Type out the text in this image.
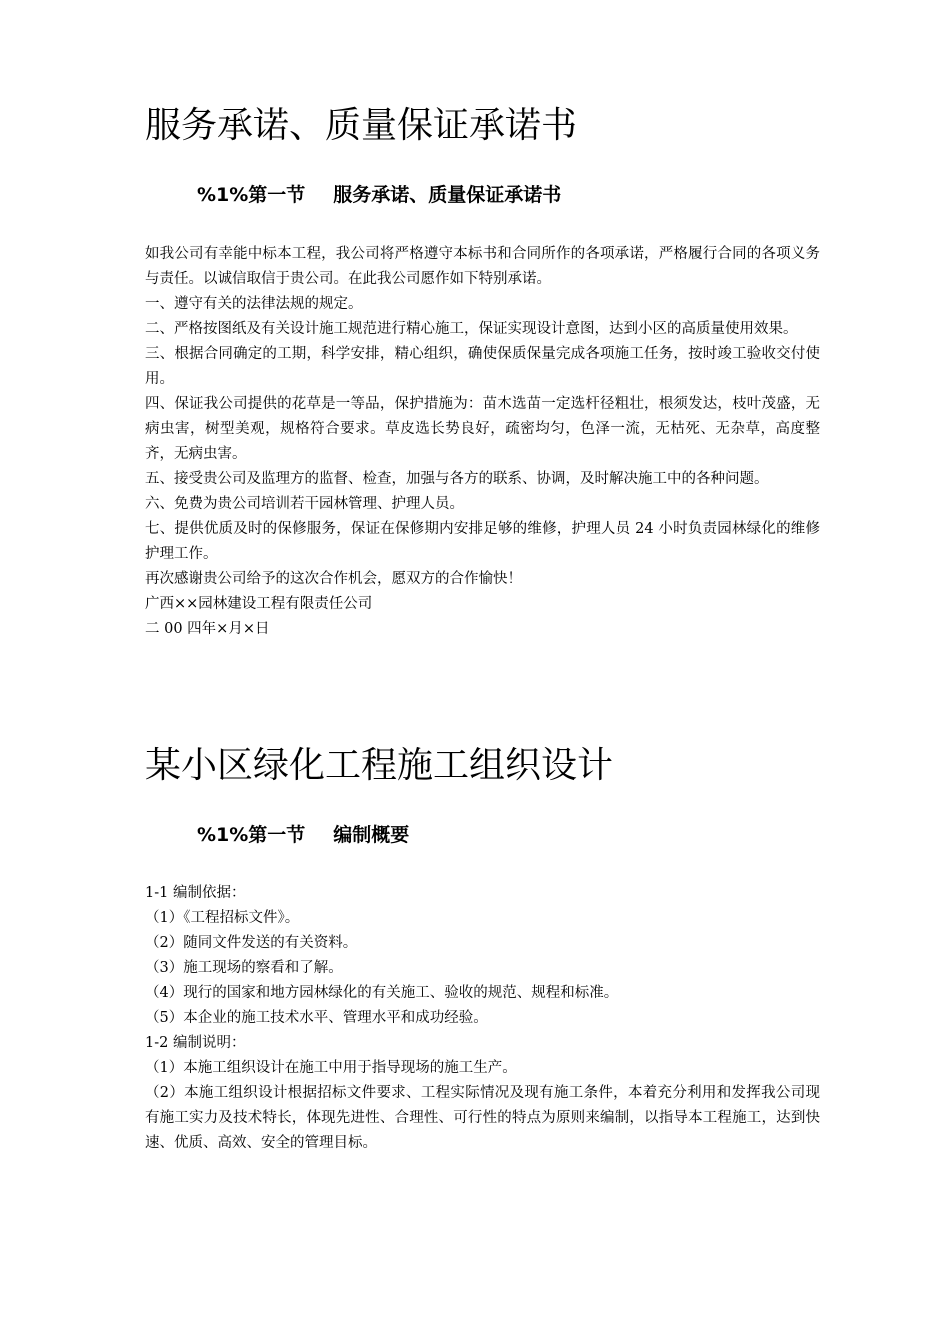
服务承诺、质量保证承诺书
%1%第一节 服务承诺、质量保证承诺书

如我公司有幸能中标本工程，我公司将严格遵守本标书和合同所作的各项承诺，严格履行合同的各项义务与责任。以诚信取信于贵公司。在此我公司愿作如下特别承诺。

一、遵守有关的法律法规的规定。

二、严格按图纸及有关设计施工规范进行精心施工，保证实现设计意图，达到小区的高质量使用效果。

三、根据合同确定的工期，科学安排，精心组织，确使保质保量完成各项施工任务，按时竣工验收交付使用。

四、保证我公司提供的花草是一等品，保护措施为：苗木选苗一定选杆径粗壮，根须发达，枝叶茂盛，无病虫害，树型美观，规格符合要求。草皮选长势良好，疏密均匀，色泽一流，无枯死、无杂草，高度整齐，无病虫害。

五、接受贵公司及监理方的监督、检查，加强与各方的联系、协调，及时解决施工中的各种问题。

六、免费为贵公司培训若干园林管理、护理人员。

七、提供优质及时的保修服务，保证在保修期内安排足够的维修，护理人员 24 小时负责园林绿化的维修护理工作。

再次感谢贵公司给予的这次合作机会，愿双方的合作愉快！

广西××园林建设工程有限责任公司

二 00 四年×月×日

某小区绿化工程施工组织设计
%1%第一节 编制概要

1-1 编制依据：

（1）《工程招标文件》。

（2）随同文件发送的有关资料。

（3）施工现场的察看和了解。

（4）现行的国家和地方园林绿化的有关施工、验收的规范、规程和标准。

（5）本企业的施工技术水平、管理水平和成功经验。

1-2 编制说明：

（1）本施工组织设计在施工中用于指导现场的施工生产。

（2）本施工组织设计根据招标文件要求、工程实际情况及现有施工条件，本着充分利用和发挥我公司现有施工实力及技术特长，体现先进性、合理性、可行性的特点为原则来编制，以指导本工程施工，达到快速、优质、高效、安全的管理目标。
